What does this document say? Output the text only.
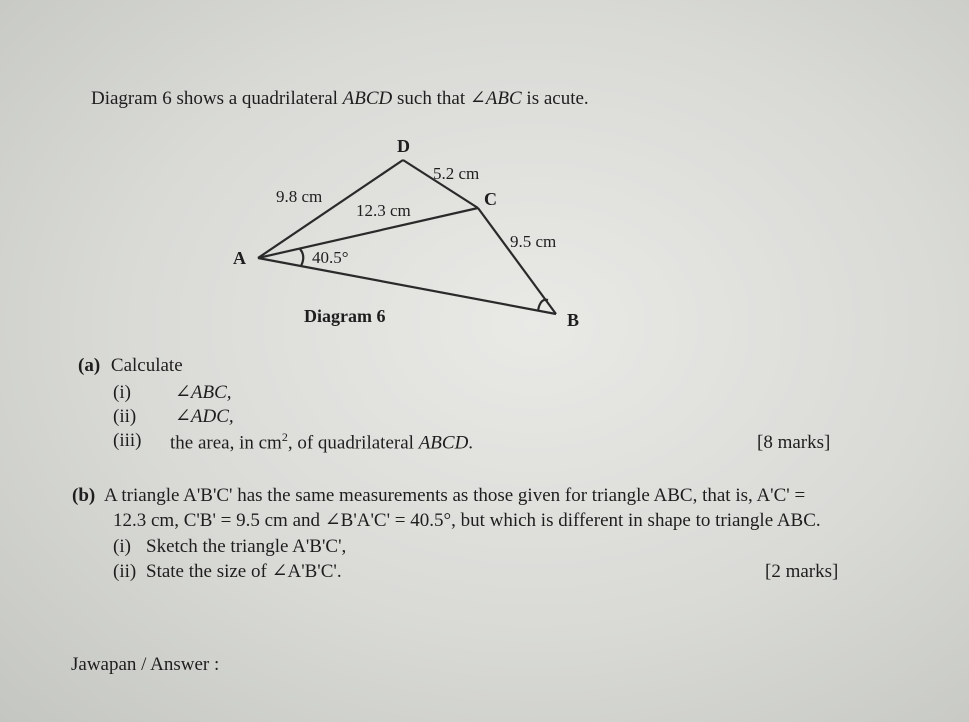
Diagram 6 shows a quadrilateral ABCD such that ∠ABC is acute.
D
C
A
B
9.8 cm
5.2 cm
12.3 cm
9.5 cm
40.5°
Diagram 6
(a) Calculate
(i) ∠ABC,
(ii) ∠ADC,
(iii) the area, in $cm^2$, of quadrilateral ABCD.	[8 marks]
(b) A triangle A'B'C' has the same measurements as those given for triangle ABC, that is, A'C' =
12.3 cm, C'B' = 9.5 cm and ∠B'A'C' = 40.5°, but which is different in shape to triangle ABC.
(i) Sketch the triangle A'B'C',
(ii) State the size of ∠A'B'C'.	[2 marks]
Jawapan / Answer :
